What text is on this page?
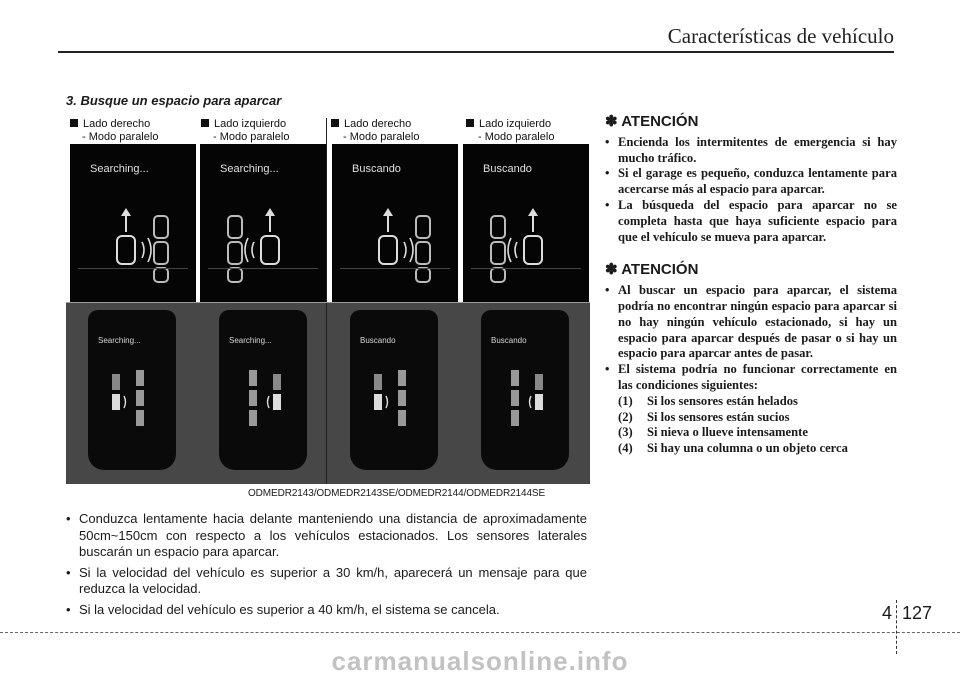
Características de vehículo
3. Busque un espacio para aparcar
Lado derecho
- Modo paralelo
Searching...
Searching...
Lado izquierdo
- Modo paralelo
Searching...
Searching...
Lado derecho
- Modo paralelo
Buscando
Buscando
Lado izquierdo
- Modo paralelo
Buscando
Buscando
ODMEDR2143/ODMEDR2143SE/ODMEDR2144/ODMEDR2144SE
• Conduzca lentamente hacia delante manteniendo una distancia de aproximadamente 50cm~150cm con respecto a los vehículos estacionados. Los sensores laterales buscarán un espacio para aparcar.
• Si la velocidad del vehículo es superior a 30 km/h, aparecerá un mensaje para que reduzca la velocidad.
• Si la velocidad del vehículo es superior a 40 km/h, el sistema se cancela.
✽ ATENCIÓN
• Encienda los intermitentes de emergencia si hay mucho tráfico.
• Si el garage es pequeño, conduzca lentamente para acercarse más al espacio para aparcar.
• La búsqueda del espacio para aparcar no se completa hasta que haya suficiente espacio para que el vehículo se mueva para aparcar.
✽ ATENCIÓN
• Al buscar un espacio para aparcar, el sistema podría no encontrar ningún espacio para aparcar si no hay ningún vehículo estacionado, si hay un espacio para aparcar después de pasar o si hay un espacio para aparcar antes de pasar.
• El sistema podría no funcionar correctamente en las condiciones siguientes:
(1) Si los sensores están helados
(2) Si los sensores están sucios
(3) Si nieva o llueve intensamente
(4) Si hay una columna o un objeto cerca
4 127
carmanualsonline.info
